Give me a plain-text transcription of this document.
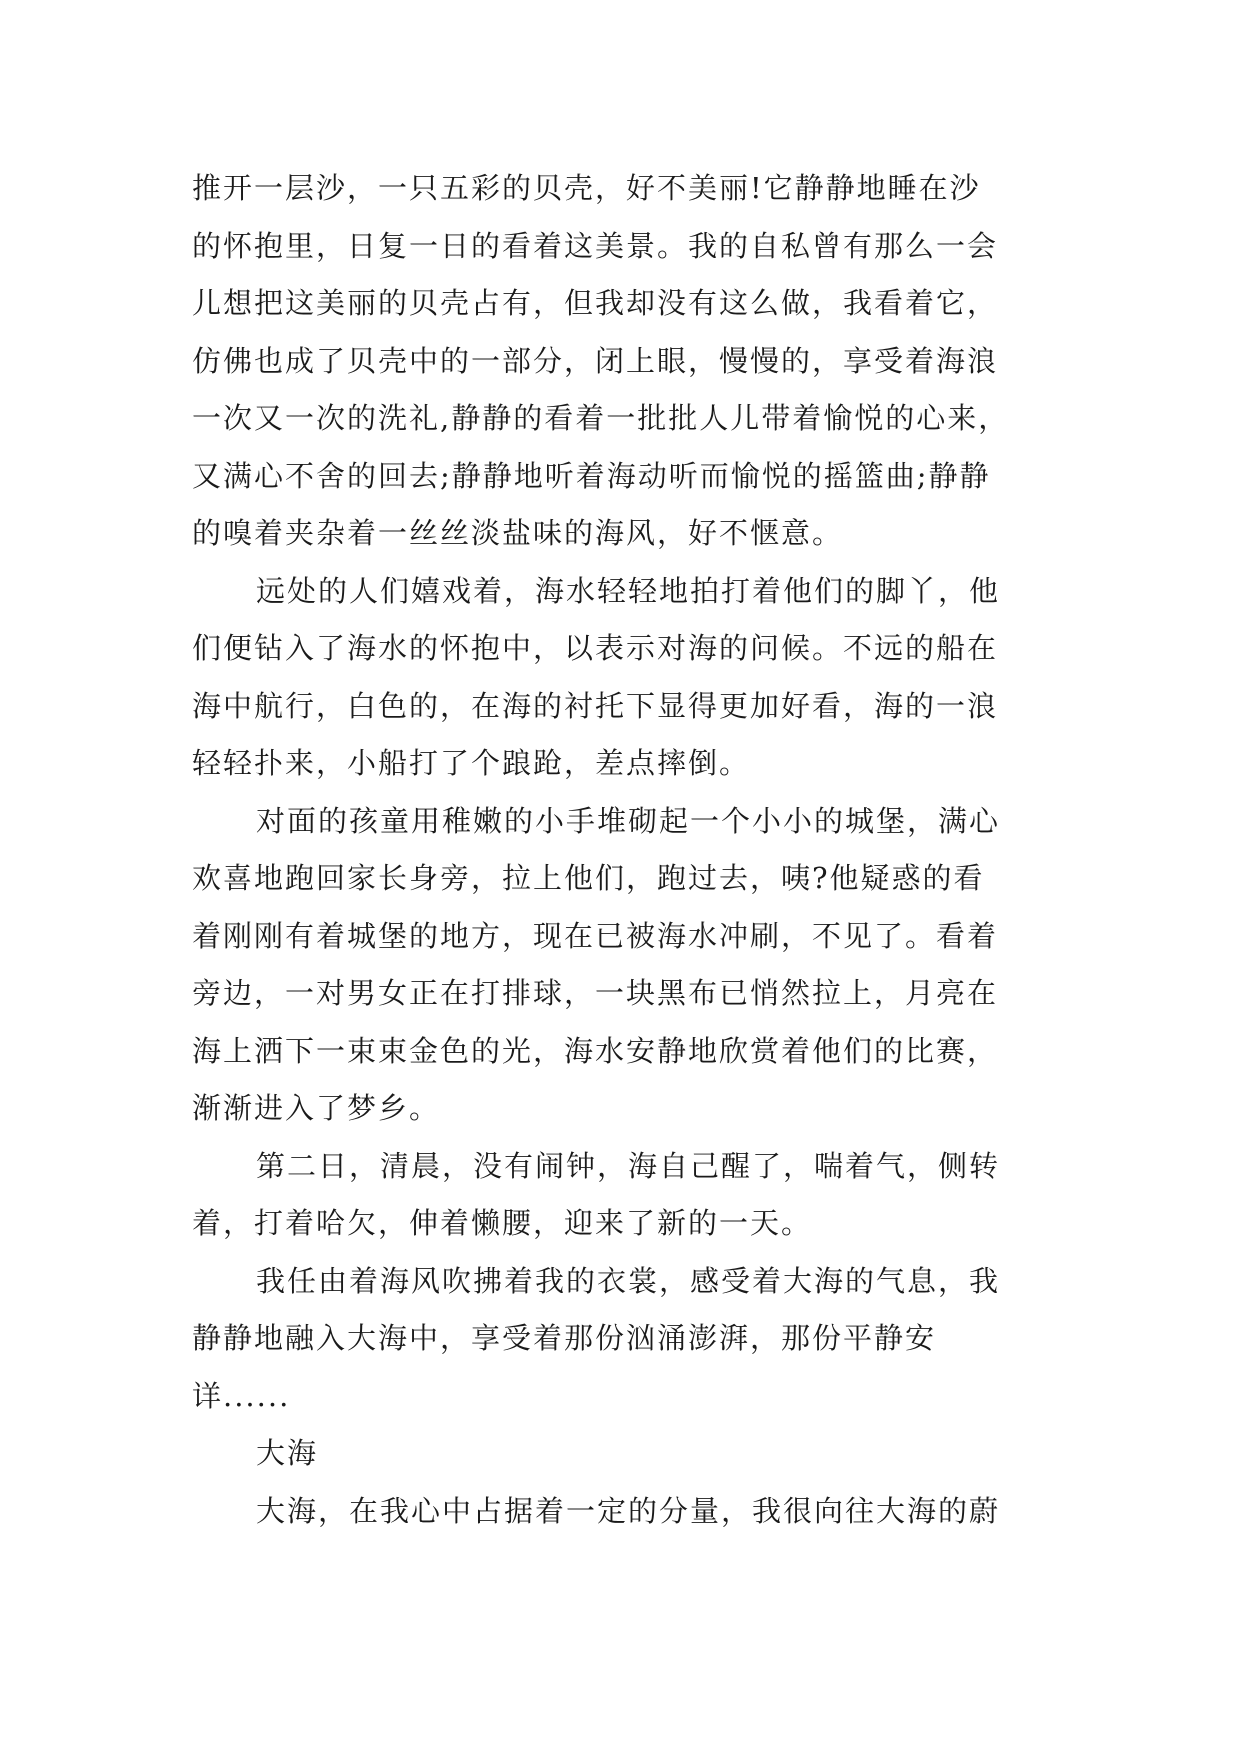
推开一层沙，一只五彩的贝壳，好不美丽!它静静地睡在沙
的怀抱里，日复一日的看着这美景。我的自私曾有那么一会
儿想把这美丽的贝壳占有，但我却没有这么做，我看着它，
仿佛也成了贝壳中的一部分，闭上眼，慢慢的，享受着海浪
一次又一次的洗礼,静静的看着一批批人儿带着愉悦的心来，
又满心不舍的回去;静静地听着海动听而愉悦的摇篮曲;静静
的嗅着夹杂着一丝丝淡盐味的海风，好不惬意。
远处的人们嬉戏着，海水轻轻地拍打着他们的脚丫，他
们便钻入了海水的怀抱中，以表示对海的问候。不远的船在
海中航行，白色的，在海的衬托下显得更加好看，海的一浪
轻轻扑来，小船打了个踉跄，差点摔倒。
对面的孩童用稚嫩的小手堆砌起一个小小的城堡，满心
欢喜地跑回家长身旁，拉上他们，跑过去，咦?他疑惑的看
着刚刚有着城堡的地方，现在已被海水冲刷，不见了。看着
旁边，一对男女正在打排球，一块黑布已悄然拉上，月亮在
海上洒下一束束金色的光，海水安静地欣赏着他们的比赛，
渐渐进入了梦乡。
第二日，清晨，没有闹钟，海自己醒了，喘着气，侧转
着，打着哈欠，伸着懒腰，迎来了新的一天。
我任由着海风吹拂着我的衣裳，感受着大海的气息，我
静静地融入大海中，享受着那份汹涌澎湃，那份平静安
详......
大海
大海，在我心中占据着一定的分量，我很向往大海的蔚
